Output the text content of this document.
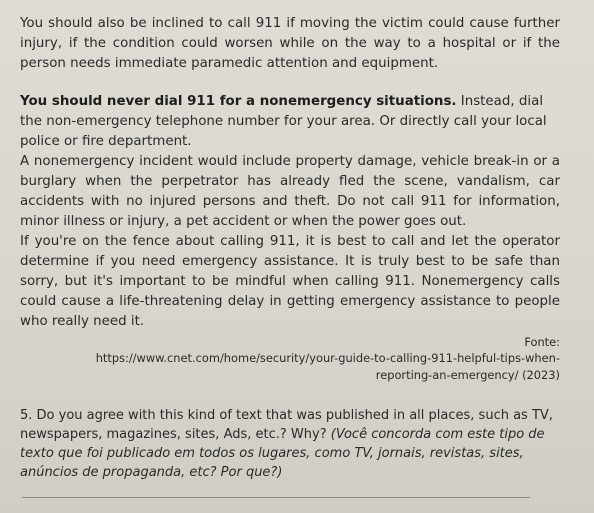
You should also be inclined to call 911 if moving the victim could cause further injury, if the condition could worsen while on the way to a hospital or if the person needs immediate paramedic attention and equipment.

You should never dial 911 for a nonemergency situations. Instead, dial the non-emergency telephone number for your area. Or directly call your local police or fire department.

A nonemergency incident would include property damage, vehicle break-in or a burglary when the perpetrator has already fled the scene, vandalism, car accidents with no injured persons and theft. Do not call 911 for information, minor illness or injury, a pet accident or when the power goes out.

If you're on the fence about calling 911, it is best to call and let the operator determine if you need emergency assistance. It is truly best to be safe than sorry, but it's important to be mindful when calling 911. Nonemergency calls could cause a life-threatening delay in getting emergency assistance to people who really need it.

Fonte:
https://www.cnet.com/home/security/your-guide-to-calling-911-helpful-tips-when-reporting-an-emergency/ (2023)

5. Do you agree with this kind of text that was published in all places, such as TV, newspapers, magazines, sites, Ads, etc.? Why? (Você concorda com este tipo de texto que foi publicado em todos os lugares, como TV, jornais, revistas, sites, anúncios de propaganda, etc? Por que?)
